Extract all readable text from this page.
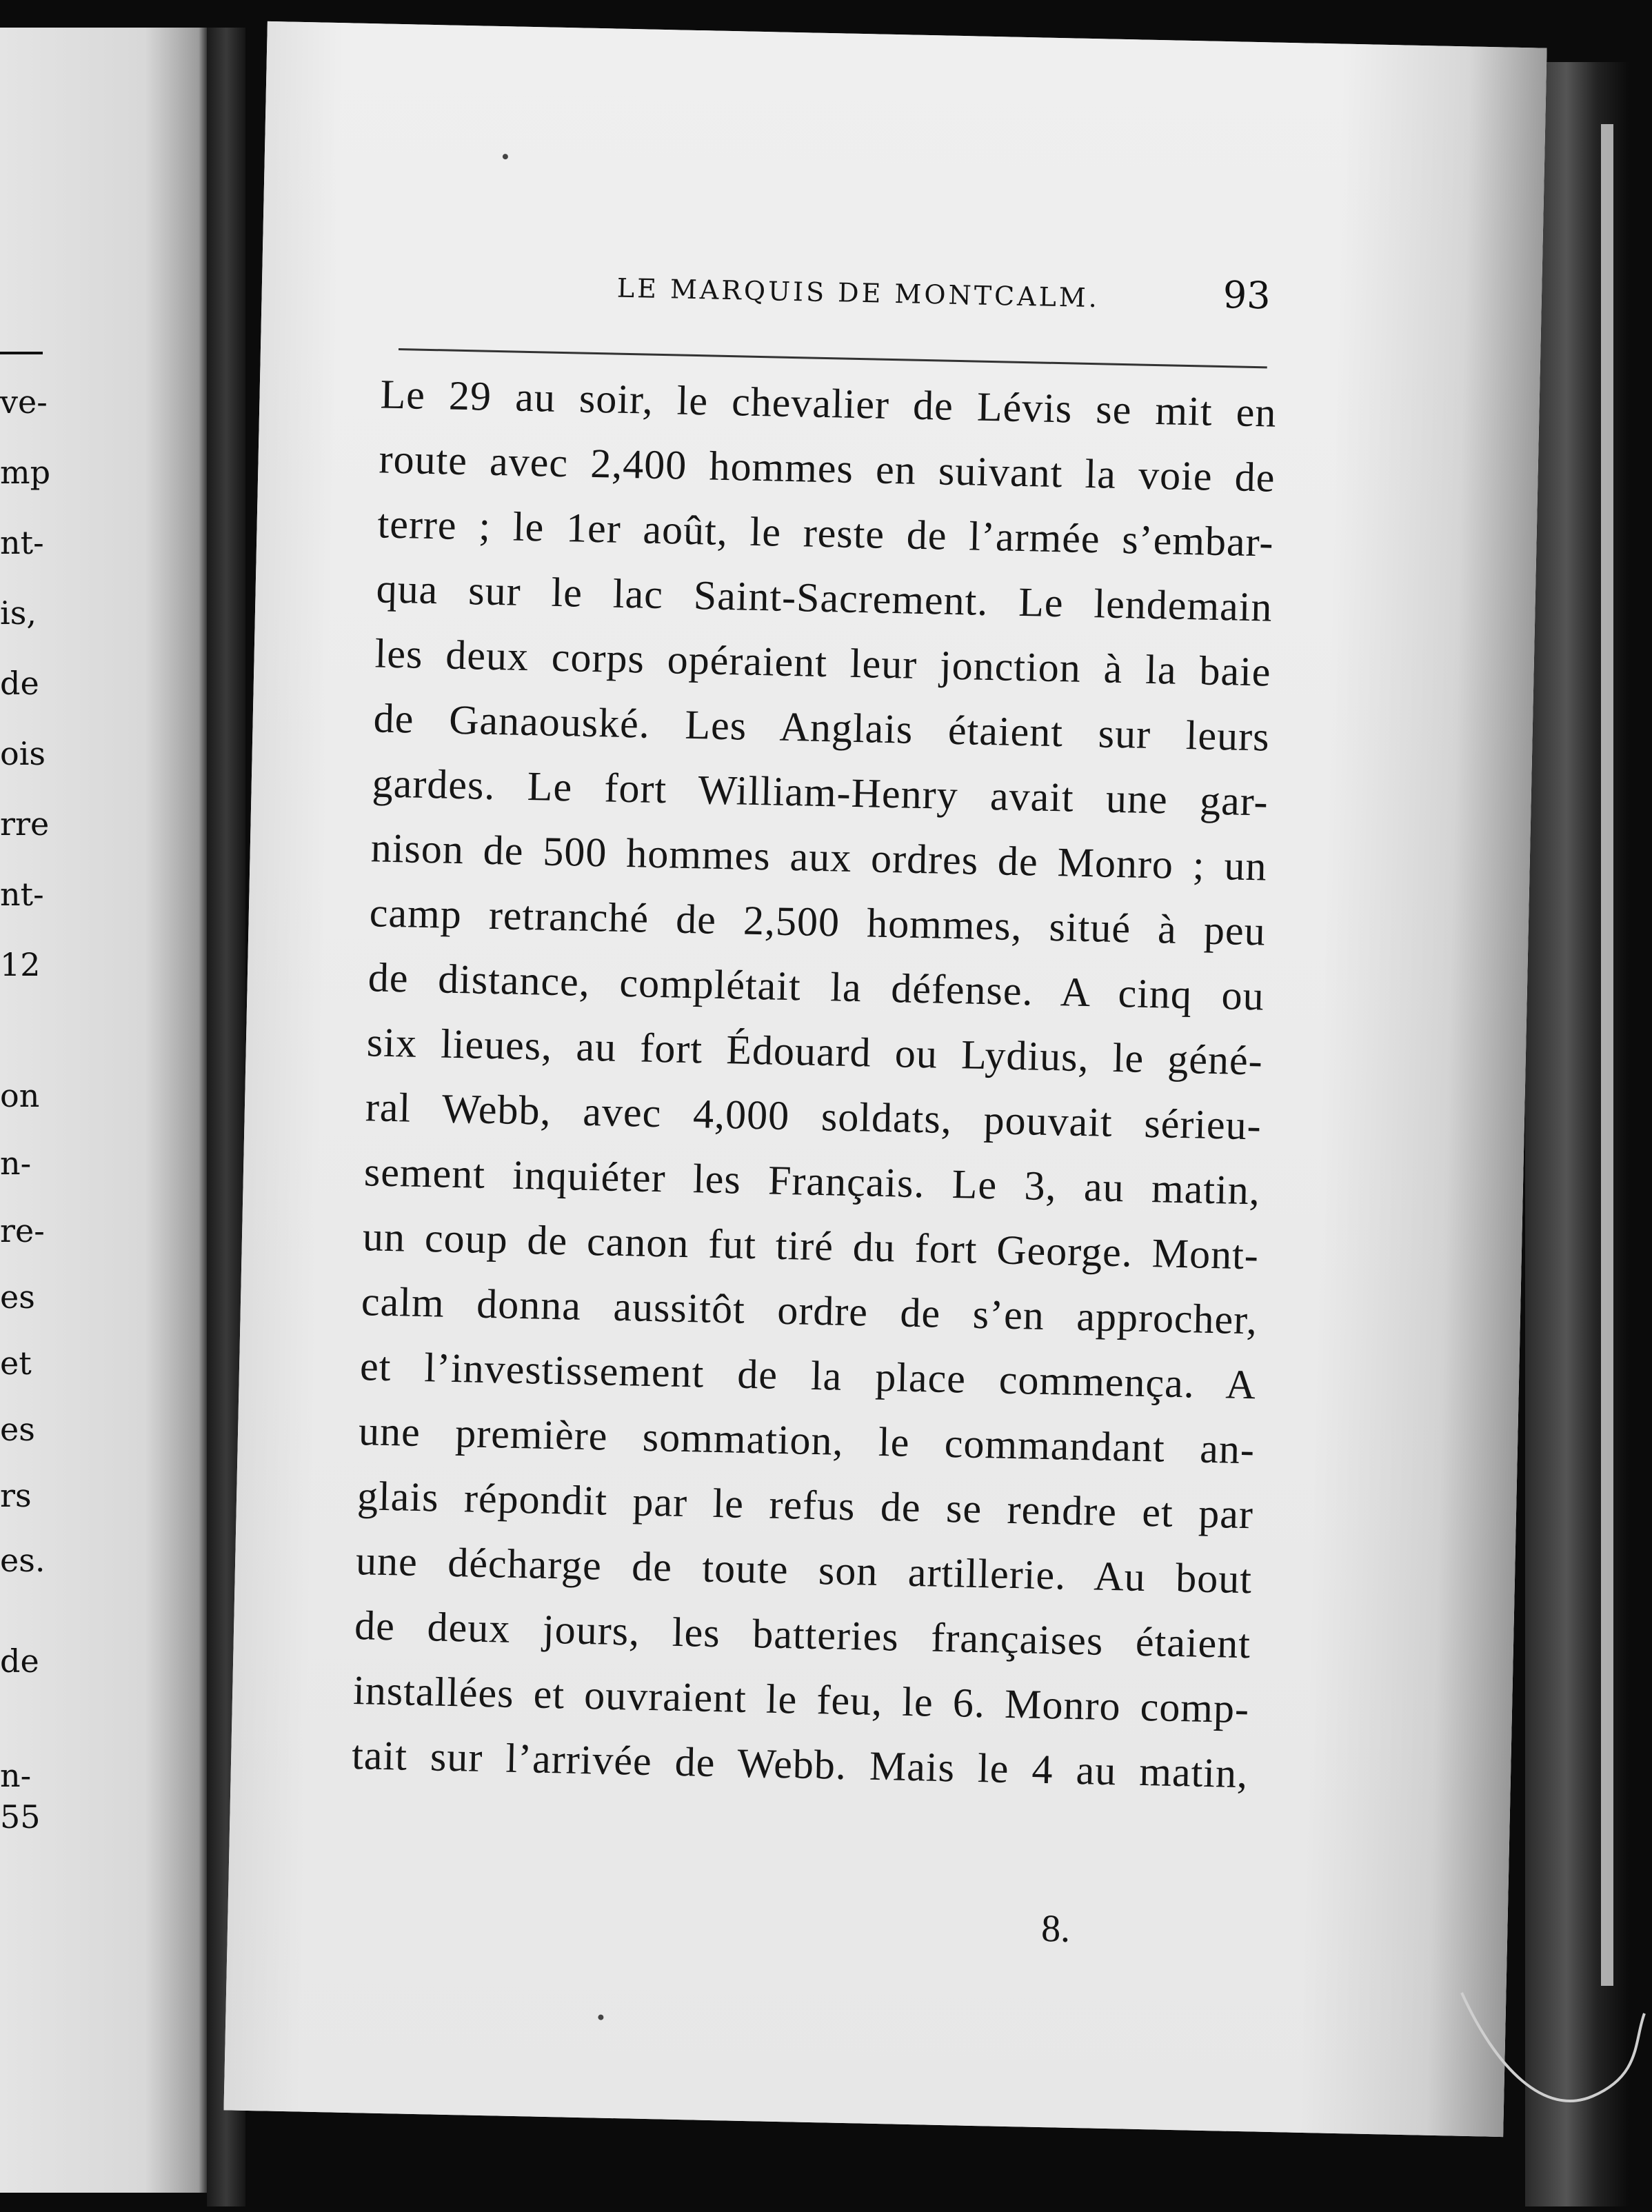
ve-
mp
nt-
is,
de
ois
rre
nt-
12
on
n-
re-
es
et
es
rs
es.
de
n-
55
LE MARQUIS DE MONTCALM.	93
Le 29 au soir, le chevalier de Lévis se mit en
route avec 2,400 hommes en suivant la voie de
terre ; le 1er août, le reste de l’armée s’embar-
qua sur le lac Saint-Sacrement. Le lendemain
les deux corps opéraient leur jonction à la baie
de Ganaouské. Les Anglais étaient sur leurs
gardes. Le fort William-Henry avait une gar-
nison de 500 hommes aux ordres de Monro ; un
camp retranché de 2,500 hommes, situé à peu
de distance, complétait la défense. A cinq ou
six lieues, au fort Édouard ou Lydius, le géné-
ral Webb, avec 4,000 soldats, pouvait sérieu-
sement inquiéter les Français. Le 3, au matin,
un coup de canon fut tiré du fort George. Mont-
calm donna aussitôt ordre de s’en approcher,
et l’investissement de la place commença. A
une première sommation, le commandant an-
glais répondit par le refus de se rendre et par
une décharge de toute son artillerie. Au bout
de deux jours, les batteries françaises étaient
installées et ouvraient le feu, le 6. Monro comp-
tait sur l’arrivée de Webb. Mais le 4 au matin,
8.
